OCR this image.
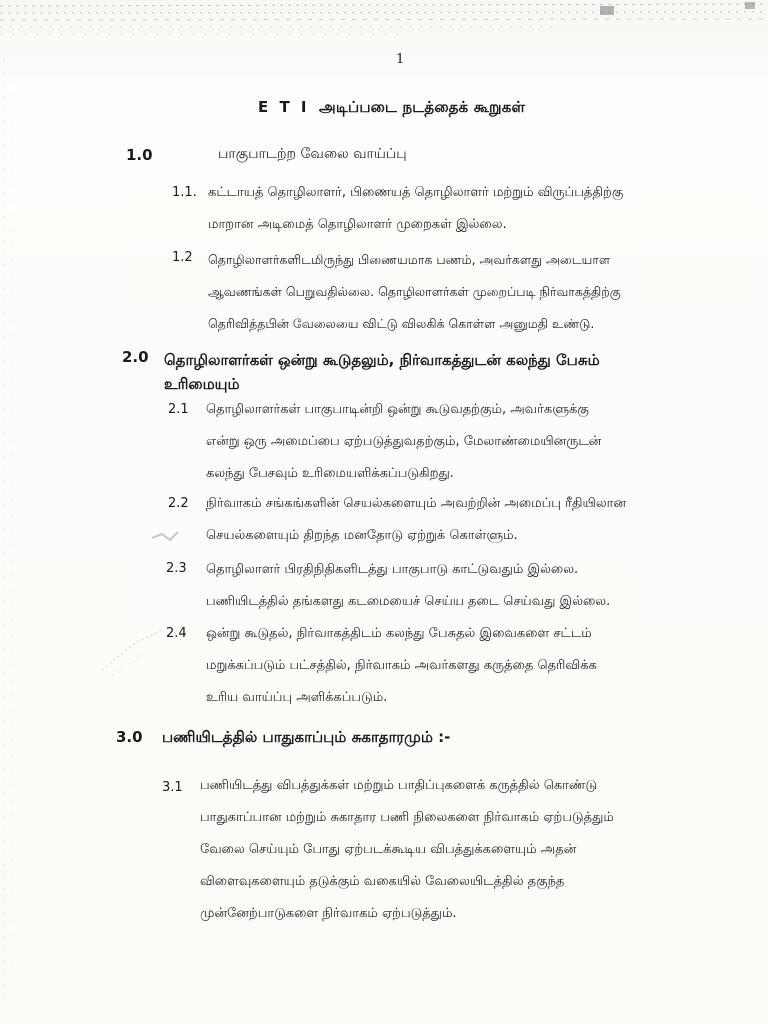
1
E T I அடிப்படை நடத்தைக் கூறுகள்
1.0	பாகுபாடற்ற வேலை வாய்ப்பு
1.1. கட்டாயத் தொழிலாளர், பிணையத் தொழிலாளர் மற்றும் விருப்பத்திற்கு
மாறான அடிமைத் தொழிலாளர் முறைகள் இல்லை.
1.2 தொழிலாளர்களிடமிருந்து பிணையமாக பணம், அவர்களது அடையாள
ஆவணங்கள் பெறுவதில்லை. தொழிலாளர்கள் முறைப்படி நிர்வாகத்திற்கு
தெரிவித்தபின் வேலையை விட்டு விலகிக் கொள்ள அனுமதி உண்டு.
2.0 தொழிலாளர்கள் ஒன்று கூடுதலும், நிர்வாகத்துடன் கலந்து பேசும்
உரிமையும்
2.1 தொழிலாளர்கள் பாகுபாடின்றி ஒன்று கூடுவதற்கும், அவர்களுக்கு
என்று ஒரு அமைப்பை ஏற்படுத்துவதற்கும், மேலாண்மையினருடன்
கலந்து பேசவும் உரிமையளிக்கப்படுகிறது.
2.2 நிர்வாகம் சங்கங்களின் செயல்களையும் அவற்றின் அமைப்பு ரீதியிலான
செயல்களையும் திறந்த மனதோடு ஏற்றுக் கொள்ளும்.
2.3 தொழிலாளர் பிரதிநிதிகளிடத்து பாகுபாடு காட்டுவதும் இல்லை.
பணியிடத்தில் தங்களது கடமையைச் செய்ய தடை செய்வது இல்லை.
2.4 ஒன்று கூடுதல், நிர்வாகத்திடம் கலந்து பேசுதல் இவைகளை சட்டம்
மறுக்கப்படும் பட்சத்தில், நிர்வாகம் அவர்களது கருத்தை தெரிவிக்க
உரிய வாய்ப்பு அளிக்கப்படும்.
3.0 பணியிடத்தில் பாதுகாப்பும் சுகாதாரமும் :-
3.1 பணியிடத்து விபத்துக்கள் மற்றும் பாதிப்புகளைக் கருத்தில் கொண்டு
பாதுகாப்பான மற்றும் சுகாதார பணி நிலைகளை நிர்வாகம் ஏற்படுத்தும்
வேலை செய்யும் போது ஏற்படக்கூடிய விபத்துக்களையும் அதன்
விளைவுகளையும் தடுக்கும் வகையில் வேலையிடத்தில் தகுந்த
முன்னேற்பாடுகளை நிர்வாகம் ஏற்படுத்தும்.
